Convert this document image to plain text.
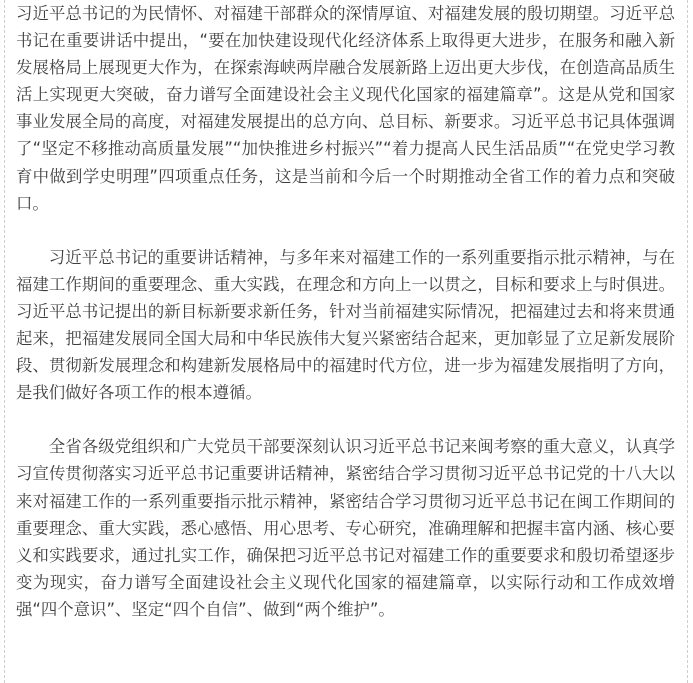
习近平总书记的为民情怀、对福建干部群众的深情厚谊、对福建发展的殷切期望。习近平总书记在重要讲话中提出，“要在加快建设现代化经济体系上取得更大进步，在服务和融入新发展格局上展现更大作为，在探索海峡两岸融合发展新路上迈出更大步伐，在创造高品质生活上实现更大突破，奋力谱写全面建设社会主义现代化国家的福建篇章”。这是从党和国家事业发展全局的高度，对福建发展提出的总方向、总目标、新要求。习近平总书记具体强调了“坚定不移推动高质量发展”“加快推进乡村振兴”“着力提高人民生活品质”“在党史学习教育中做到学史明理”四项重点任务，这是当前和今后一个时期推动全省工作的着力点和突破口。

习近平总书记的重要讲话精神，与多年来对福建工作的一系列重要指示批示精神，与在福建工作期间的重要理念、重大实践，在理念和方向上一以贯之，目标和要求上与时俱进。习近平总书记提出的新目标新要求新任务，针对当前福建实际情况，把福建过去和将来贯通起来，把福建发展同全国大局和中华民族伟大复兴紧密结合起来，更加彰显了立足新发展阶段、贯彻新发展理念和构建新发展格局中的福建时代方位，进一步为福建发展指明了方向，是我们做好各项工作的根本遵循。

全省各级党组织和广大党员干部要深刻认识习近平总书记来闽考察的重大意义，认真学习宣传贯彻落实习近平总书记重要讲话精神，紧密结合学习贯彻习近平总书记党的十八大以来对福建工作的一系列重要指示批示精神，紧密结合学习贯彻习近平总书记在闽工作期间的重要理念、重大实践，悉心感悟、用心思考、专心研究，准确理解和把握丰富内涵、核心要义和实践要求，通过扎实工作，确保把习近平总书记对福建工作的重要要求和殷切希望逐步变为现实，奋力谱写全面建设社会主义现代化国家的福建篇章，以实际行动和工作成效增强“四个意识”、坚定“四个自信”、做到“两个维护”。
